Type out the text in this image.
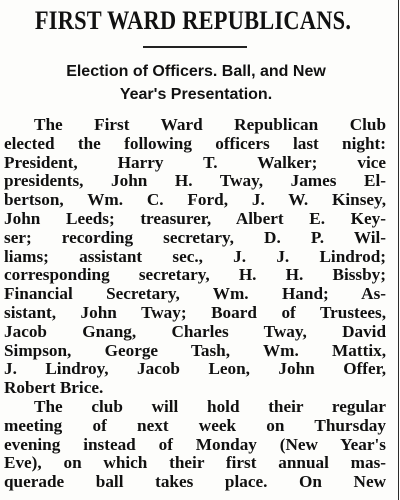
FIRST WARD REPUBLICANS.
Election of Officers. Ball, and New
Year's Presentation.
The First Ward Republican Club
elected the following officers last night:
President, Harry T. Walker; vice
presidents, John H. Tway, James El-
bertson, Wm. C. Ford, J. W. Kinsey,
John Leeds; treasurer, Albert E. Key-
ser; recording secretary, D. P. Wil-
liams; assistant sec., J. J. Lindrod;
corresponding secretary, H. H. Bissby;
Financial Secretary, Wm. Hand; As-
sistant, John Tway; Board of Trustees,
Jacob Gnang, Charles Tway, David
Simpson, George Tash, Wm. Mattix,
J. Lindroy, Jacob Leon, John Offer,
Robert Brice.
The club will hold their regular
meeting of next week on Thursday
evening instead of Monday (New Year's
Eve), on which their first annual mas-
querade ball takes place. On New
